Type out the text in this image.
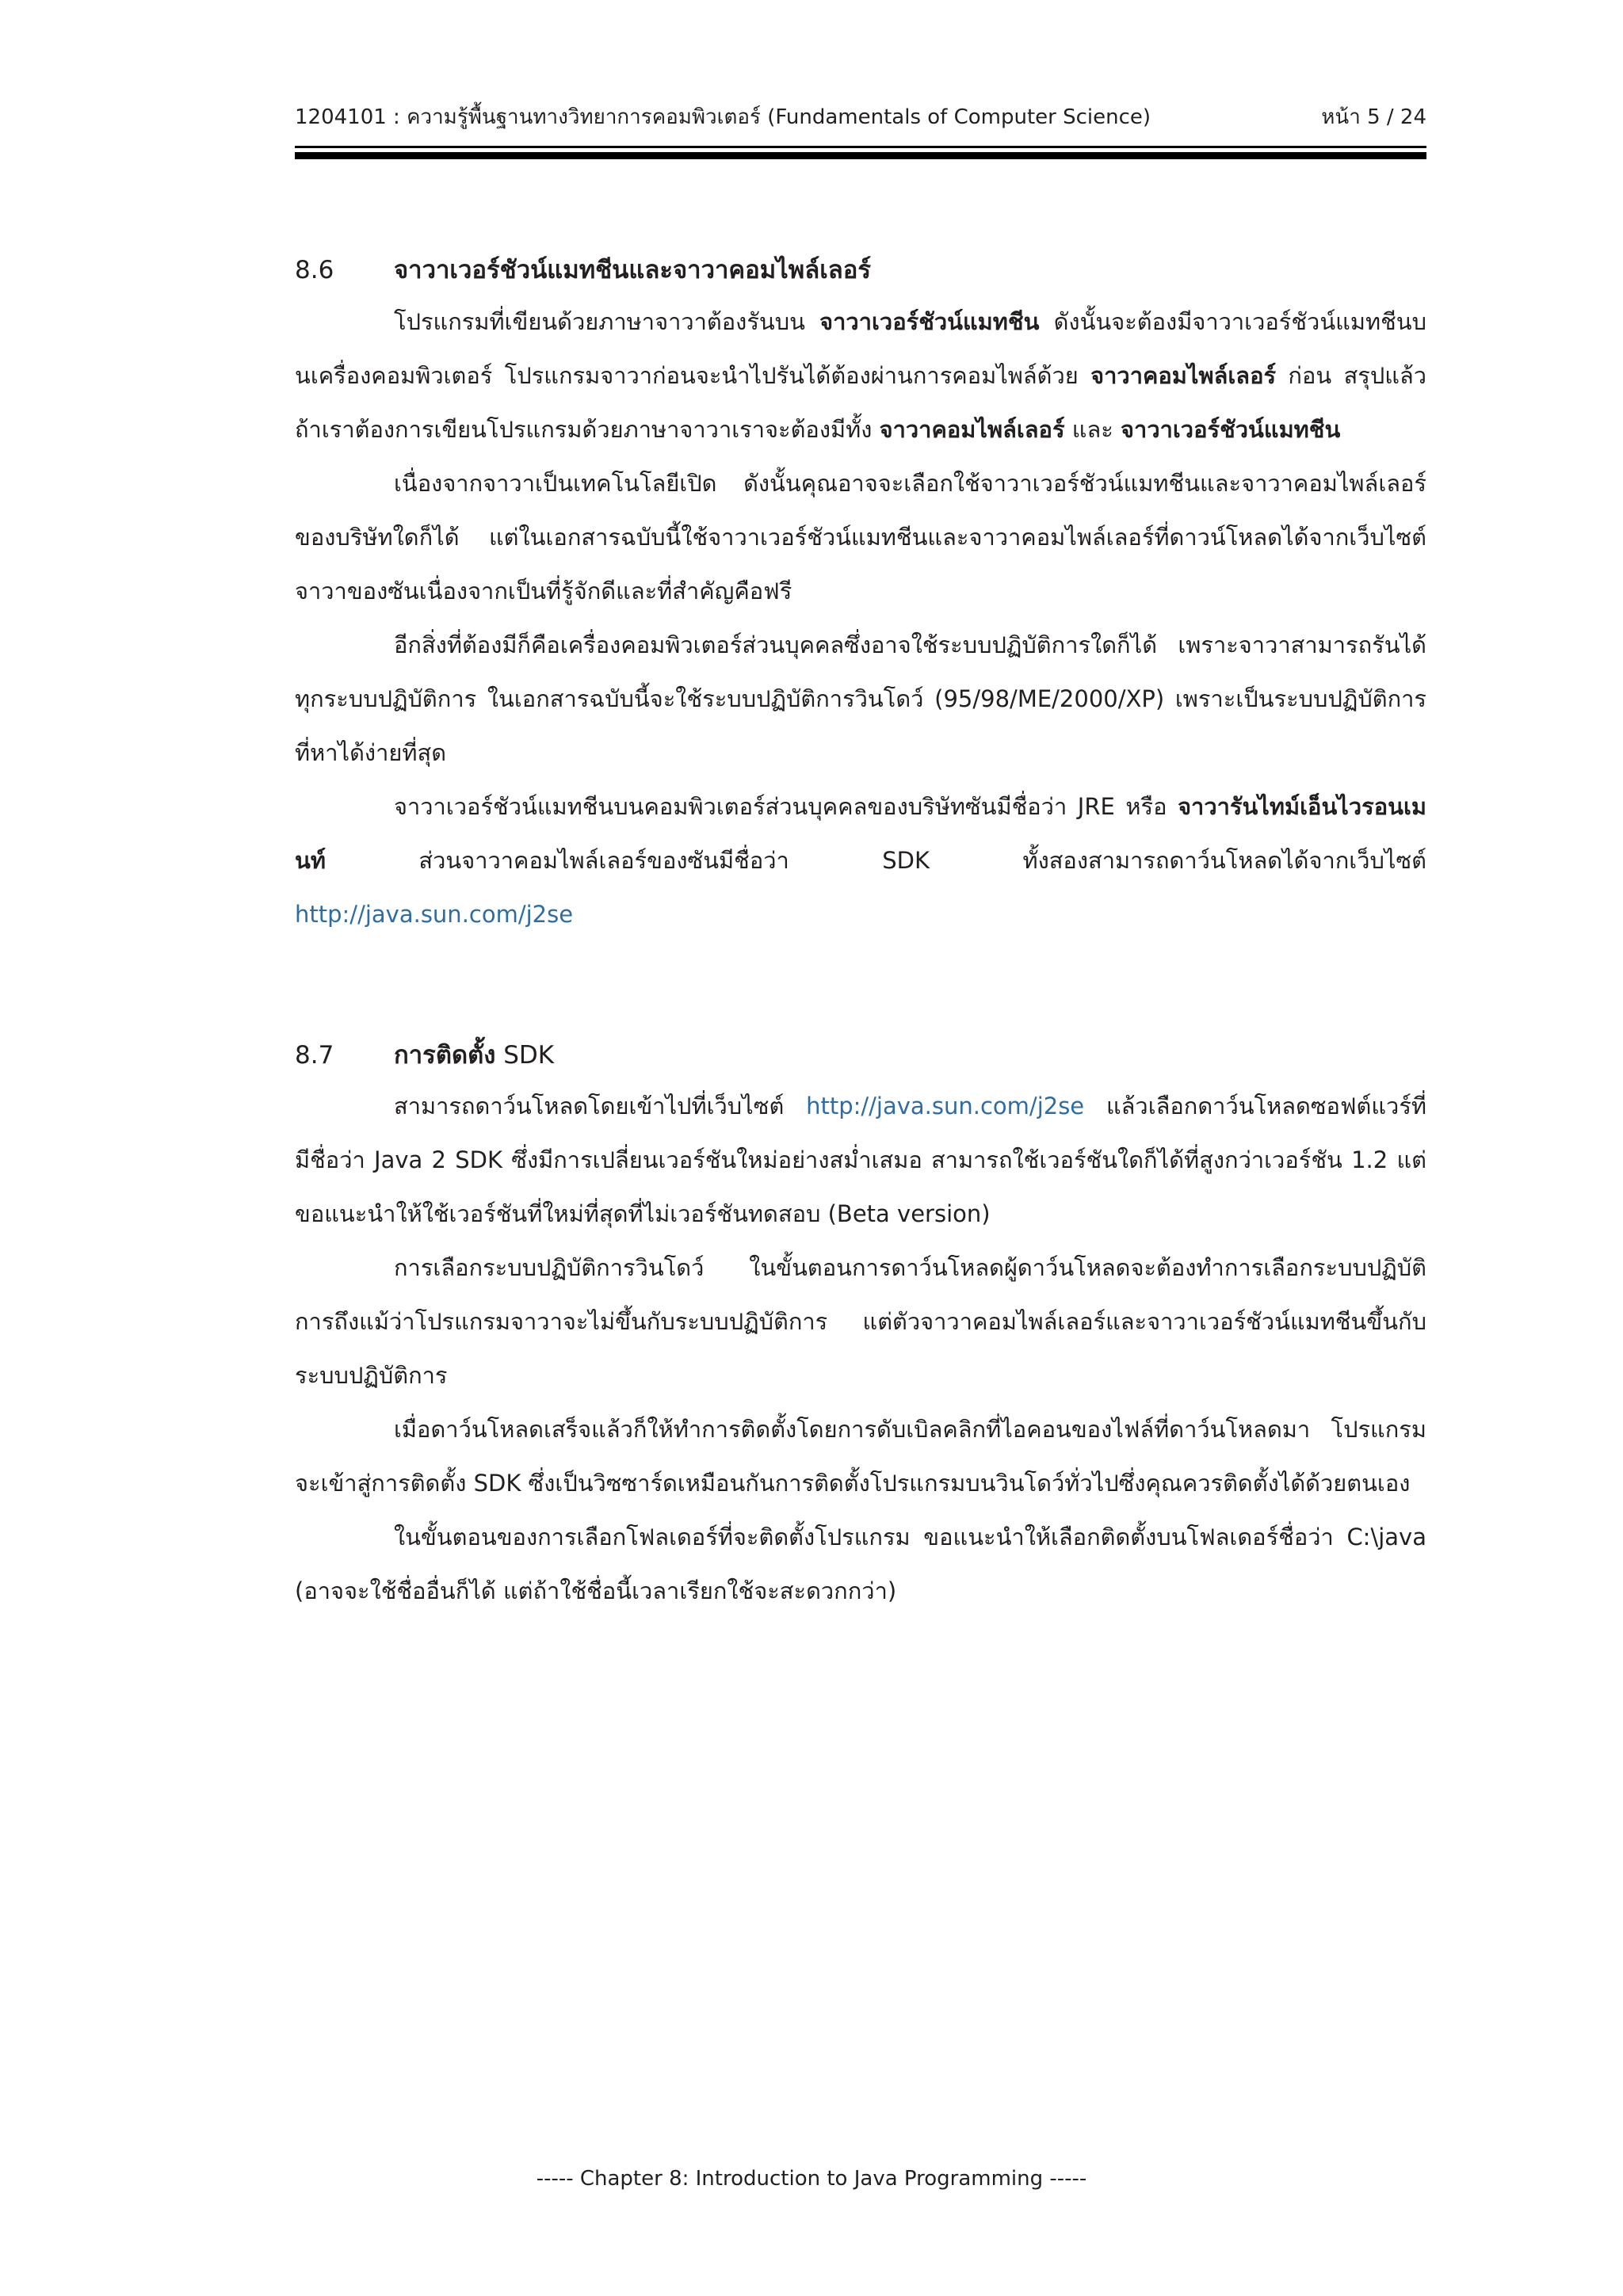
1204101 : ความรู้พื้นฐานทางวิทยาการคอมพิวเตอร์ (Fundamentals of Computer Science)	หน้า 5 / 24
8.6 จาวาเวอร์ชัวน์แมทชีนและจาวาคอมไพล์เลอร์

โปรแกรมที่เขียนด้วยภาษาจาวาต้องรันบน จาวาเวอร์ชัวน์แมทชีน ดังนั้นจะต้องมีจาวาเวอร์ชัวน์แมทชีนบนเครื่องคอมพิวเตอร์ โปรแกรมจาวาก่อนจะนำไปรันได้ต้องผ่านการคอมไพล์ด้วย จาวาคอมไพล์เลอร์ ก่อน สรุปแล้วถ้าเราต้องการเขียนโปรแกรมด้วยภาษาจาวาเราจะต้องมีทั้ง จาวาคอมไพล์เลอร์ และ จาวาเวอร์ชัวน์แมทชีน

เนื่องจากจาวาเป็นเทคโนโลยีเปิด ดังนั้นคุณอาจจะเลือกใช้จาวาเวอร์ชัวน์แมทชีนและจาวาคอมไพล์เลอร์ของบริษัทใดก็ได้ แต่ในเอกสารฉบับนี้ใช้จาวาเวอร์ชัวน์แมทชีนและจาวาคอมไพล์เลอร์ที่ดาวน์โหลดได้จากเว็บไซต์จาวาของซันเนื่องจากเป็นที่รู้จักดีและที่สำคัญคือฟรี

อีกสิ่งที่ต้องมีก็คือเครื่องคอมพิวเตอร์ส่วนบุคคลซึ่งอาจใช้ระบบปฏิบัติการใดก็ได้ เพราะจาวาสามารถรันได้ทุกระบบปฏิบัติการ ในเอกสารฉบับนี้จะใช้ระบบปฏิบัติการวินโดว์ (95/98/ME/2000/XP) เพราะเป็นระบบปฏิบัติการที่หาได้ง่ายที่สุด

จาวาเวอร์ชัวน์แมทชีนบนคอมพิวเตอร์ส่วนบุคคลของบริษัทซันมีชื่อว่า JRE หรือ จาวารันไทม์เอ็นไวรอนเมนท์ ส่วนจาวาคอมไพล์เลอร์ของซันมีชื่อว่า SDK ทั้งสองสามารถดาว์นโหลดได้จากเว็บไซต์ http://java.sun.com/j2se

8.7 การติดตั้ง SDK

สามารถดาว์นโหลดโดยเข้าไปที่เว็บไซต์ http://java.sun.com/j2se แล้วเลือกดาว์นโหลดซอฟต์แวร์ที่มีชื่อว่า Java 2 SDK ซึ่งมีการเปลี่ยนเวอร์ชันใหม่อย่างสม่ำเสมอ สามารถใช้เวอร์ชันใดก็ได้ที่สูงกว่าเวอร์ชัน 1.2 แต่ขอแนะนำให้ใช้เวอร์ชันที่ใหม่ที่สุดที่ไม่เวอร์ชันทดสอบ (Beta version)

การเลือกระบบปฏิบัติการวินโดว์ ในขั้นตอนการดาว์นโหลดผู้ดาว์นโหลดจะต้องทำการเลือกระบบปฏิบัติการถึงแม้ว่าโปรแกรมจาวาจะไม่ขึ้นกับระบบปฏิบัติการ แต่ตัวจาวาคอมไพล์เลอร์และจาวาเวอร์ชัวน์แมทชีนขึ้นกับระบบปฏิบัติการ

เมื่อดาว์นโหลดเสร็จแล้วก็ให้ทำการติดตั้งโดยการดับเบิลคลิกที่ไอคอนของไฟล์ที่ดาว์นโหลดมา โปรแกรมจะเข้าสู่การติดตั้ง SDK ซึ่งเป็นวิซซาร์ดเหมือนกันการติดตั้งโปรแกรมบนวินโดว์ทั่วไปซึ่งคุณควรติดตั้งได้ด้วยตนเอง

ในขั้นตอนของการเลือกโฟลเดอร์ที่จะติดตั้งโปรแกรม ขอแนะนำให้เลือกติดตั้งบนโฟลเดอร์ชื่อว่า C:\java (อาจจะใช้ชื่ออื่นก็ได้ แต่ถ้าใช้ชื่อนี้เวลาเรียกใช้จะสะดวกกว่า)

----- Chapter 8: Introduction to Java Programming -----
